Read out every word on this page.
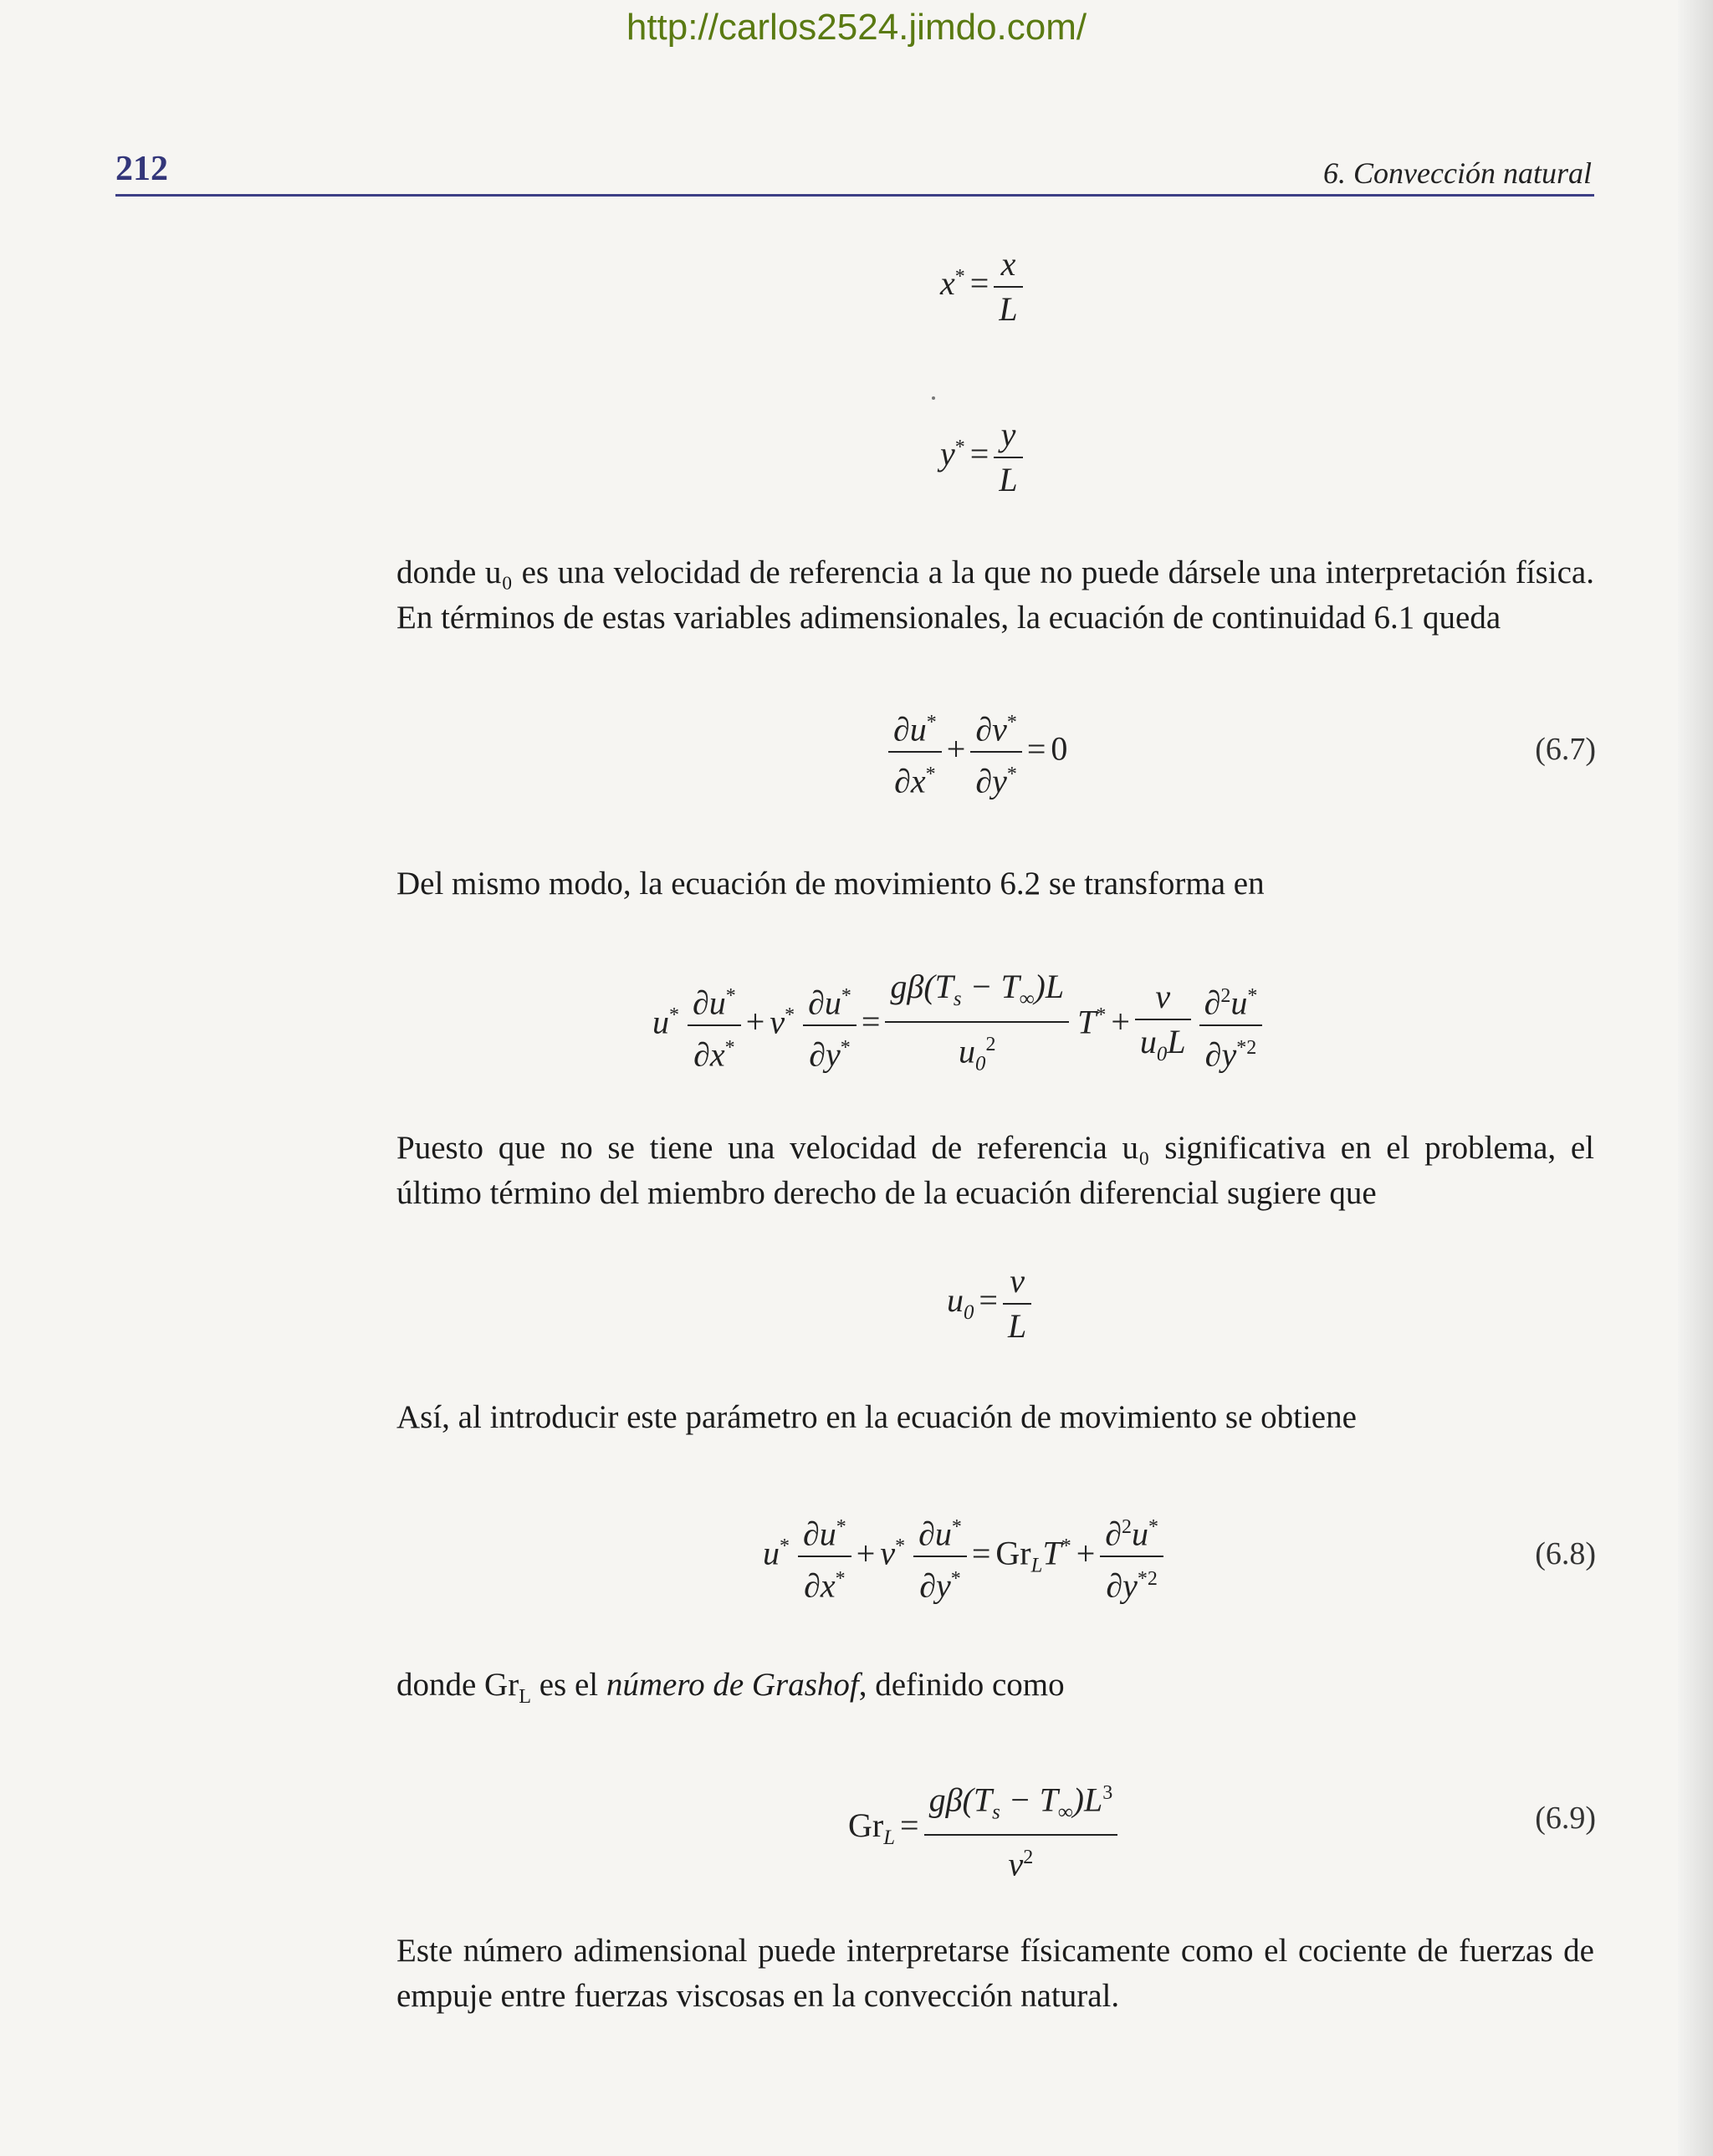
http://carlos2524.jimdo.com/
212	6. Convección natural
$x^* = \frac{x}{L}$
$y^* = \frac{y}{L}$
donde u₀ es una velocidad de referencia a la que no puede dársele una interpretación física. En términos de estas variables adimensionales, la ecuación de continuidad 6.1 queda
$\frac{\partial u^*}{\partial x^*} + \frac{\partial v^*}{\partial y^*} = 0$	(6.7)
Del mismo modo, la ecuación de movimiento 6.2 se transforma en
$u^* \frac{\partial u^*}{\partial x^*} + v^* \frac{\partial u^*}{\partial y^*} = \frac{g\beta(T_s - T_\infty)L}{u_0^2} T^* + \frac{\nu}{u_0L}$
$\frac{\partial^2u^*}{\partial y^{*2}}$
Puesto que no se tiene una velocidad de referencia u₀ significativa en el problema, el último término del miembro derecho de la ecuación diferencial sugiere que
$u_0 = \frac{\nu}{L}$
Así, al introducir este parámetro en la ecuación de movimiento se obtiene
$u^* \frac{\partial u^*}{\partial x^*} + v^* \frac{\partial u^*}{\partial y^*} = Gr_LT^* + \frac{\partial^2u^*}{\partial y^{*2}}$	(6.8)
donde $Gr_L$ es el número de Grashof, definido como
$Gr_L = \frac{g\beta(T_s - T_\infty)L^3}{\nu^2}$	(6.9)
Este número adimensional puede interpretarse físicamente como el cociente de fuerzas de empuje entre fuerzas viscosas en la convección natural.
